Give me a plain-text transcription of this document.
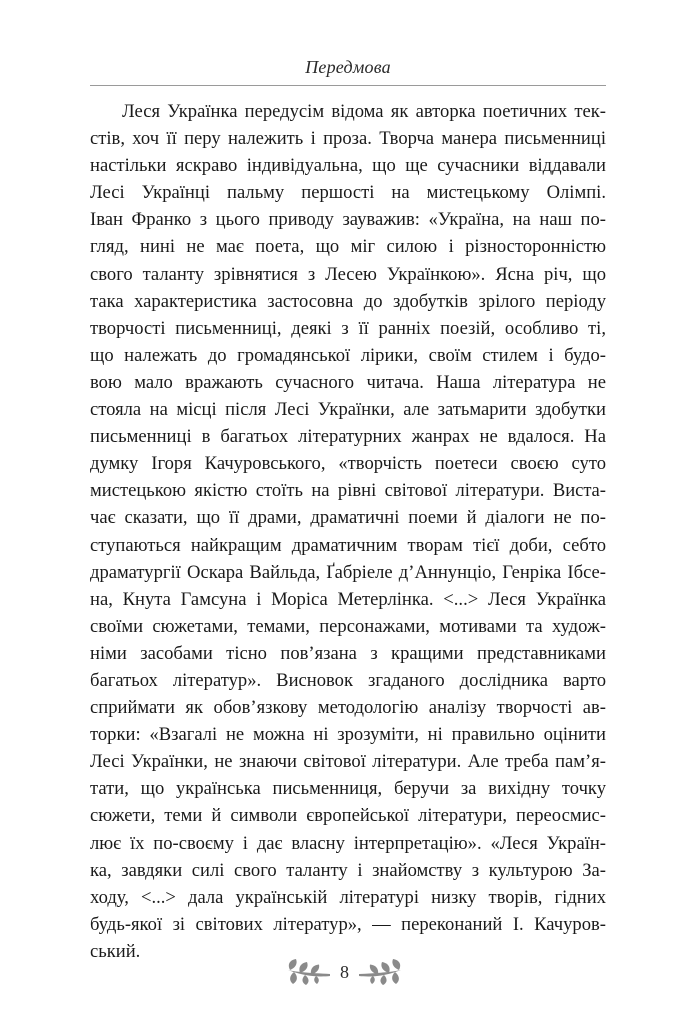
Передмова
Леся Українка передусім відома як авторка поетичних тек-
стів, хоч її перу належить і проза. Творча манера письменниці
настільки яскраво індивідуальна, що ще сучасники віддавали
Лесі Українці пальму першості на мистецькому Олімпі.
Іван Франко з цього приводу зауважив: «Україна, на наш по-
гляд, нині не має поета, що міг силою і різносторонністю
свого таланту зрівнятися з Лесею Українкою». Ясна річ, що
така характеристика застосовна до здобутків зрілого періоду
творчості письменниці, деякі з її ранніх поезій, особливо ті,
що належать до громадянської лірики, своїм стилем і будо-
вою мало вражають сучасного читача. Наша література не
стояла на місці після Лесі Українки, але затьмарити здобутки
письменниці в багатьох літературних жанрах не вдалося. На
думку Ігоря Качуровського, «творчість поетеси своєю суто
мистецькою якістю стоїть на рівні світової літератури. Вистa-
чає сказати, що її драми, драматичні поеми й діалоги не по-
ступаються найкращим драматичним творам тієї доби, себто
драматургії Оскара Вайльда, Ґабріеле д’Аннунціо, Генріка Ібсе-
на, Кнута Гамсуна і Моріса Метерлінка. <...> Леся Українка
своїми сюжетами, темами, персонажами, мотивами та худож-
німи засобами тісно пов’язана з кращими представниками
багатьох літератур». Висновок згаданого дослідника варто
сприймати як обов’язкову методологію аналізу творчості ав-
торки: «Взагалі не можна ні зрозуміти, ні правильно оцінити
Лесі Українки, не знаючи світової літератури. Але треба пам’я-
тати, що українська письменниця, беручи за вихідну точку
сюжети, теми й символи європейської літератури, переосмис-
лює їх по-своєму і дає власну інтерпретацію». «Леся Україн-
ка, завдяки силі свого таланту і знайомству з культурою За-
ходу, <...> дала українській літературі низку творів, гідних
будь-якої зі світових літератур», — переконаний І. Качуров-
ський.
8
